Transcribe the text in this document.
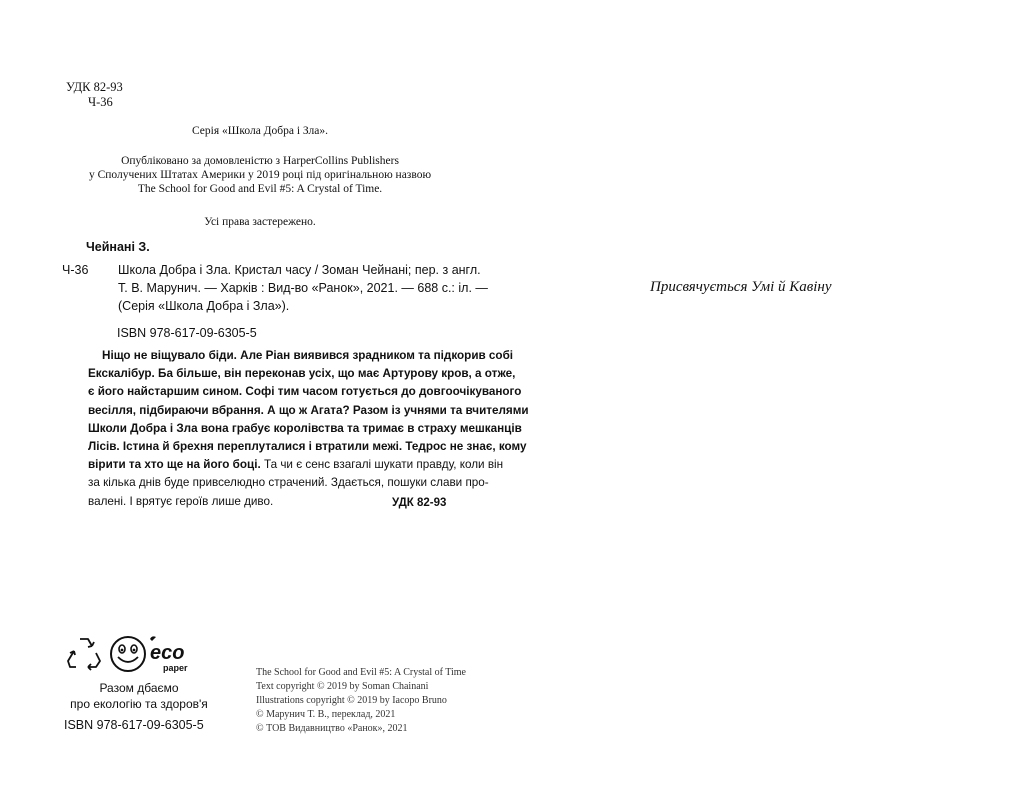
УДК 82-93
Ч-36
Серія «Школа Добра і Зла».
Опубліковано за домовленістю з HarperCollins Publishers
у Сполучених Штатах Америки у 2019 році під оригінальною назвою
The School for Good and Evil #5: A Crystal of Time.
Усі права застережено.
Чейнані З.
Ч-36	Школа Добра і Зла. Кристал часу / Зоман Чейнані; пер. з англ.
Т. В. Марунич. — Харків : Вид-во «Ранок», 2021. — 688 с.: іл. —
(Серія «Школа Добра і Зла»).
ISBN 978-617-09-6305-5
Ніщо не віщувало біди. Але Ріан виявився зрадником та підкорив собі
Екскалібур. Ба більше, він переконав усіх, що має Артурову кров, а отже,
є його найстаршим сином. Софі тим часом готується до довгоочікуваного
весілля, підбираючи вбрання. А що ж Агата? Разом із учнями та вчителями
Школи Добра і Зла вона грабує королівства та тримає в страху мешканців
Лісів. Істина й брехня переплуталися і втратили межі. Тедрос не знає, кому
вірити та хто ще на його боці. Та чи є сенс взагалі шукати правду, коли він
за кілька днів буде привселюдно страчений. Здається, пошуки слави про-
валені. І врятує героїв лише диво.	УДК 82-93
eco
paper
Разом дбаємо
про екологію та здоров'я
ISBN 978-617-09-6305-5
The School for Good and Evil #5: A Crystal of Time
Text copyright © 2019 by Soman Chainani
Illustrations copyright © 2019 by Iacopo Bruno
© Марунич Т. В., переклад, 2021
© ТОВ Видавництво «Ранок», 2021
Присвячується Умі й Кавіну
